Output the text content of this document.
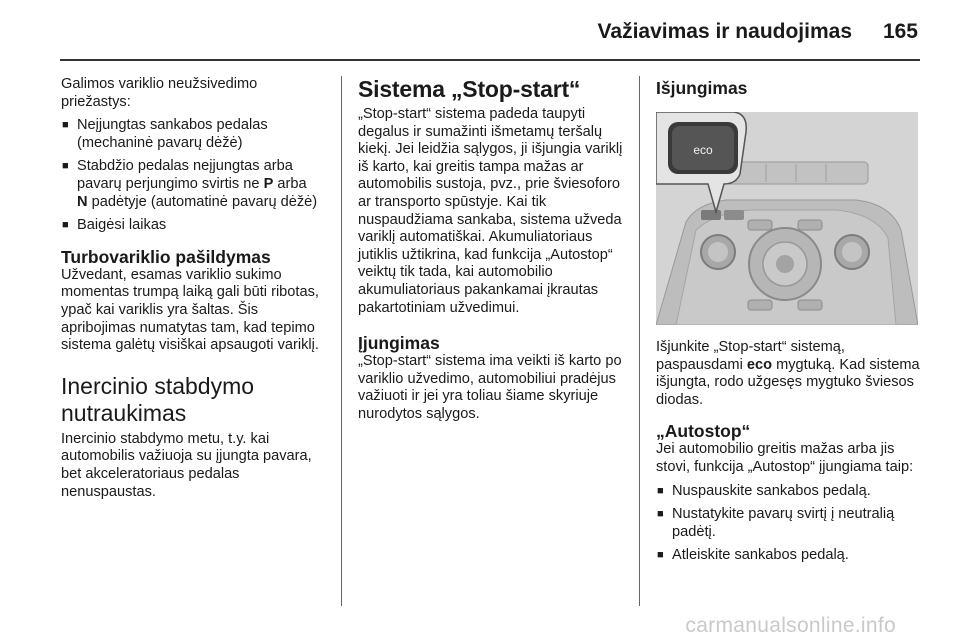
Važiavimas ir naudojimas 165

Galimos variklio neužsivedimo priežastys:

■ Neįjungtas sankabos pedalas (mechaninė pavarų dėžė)
■ Stabdžio pedalas neįjungtas arba pavarų perjungimo svirtis ne P arba
N padėtyje (automatinė pavarų dėžė)
■ Baigėsi laikas
Turbovariklio pašildymas

Užvedant, esamas variklio sukimo momentas trumpą laiką gali būti ribotas, ypač kai variklis yra šaltas. Šis apribojimas numatytas tam, kad tepimo sistema galėtų visiškai apsaugoti variklį.

Inercinio stabdymo nutraukimas

Inercinio stabdymo metu, t.y. kai automobilis važiuoja su įjungta pavara, bet akceleratoriaus pedalas nenuspaustas.

Sistema „Stop-start“

„Stop-start“ sistema padeda taupyti degalus ir sumažinti išmetamų teršalų kiekį. Jei leidžia sąlygos, ji išjungia variklį iš karto, kai greitis tampa mažas ar automobilis sustoja, pvz., prie šviesoforo ar transporto spūstyje. Kai tik nuspaudžiama sankaba, sistema užveda variklį automatiškai. Akumuliatoriaus jutiklis užtikrina, kad funkcija „Autostop“ veiktų tik tada, kai automobilio akumuliatoriaus pakankamai įkrautas pakartotiniam užvedimui.

Įjungimas

„Stop-start“ sistema ima veikti iš karto po variklio užvedimo, automobiliui pradėjus važiuoti ir jei yra toliau šiame skyriuje nurodytos sąlygos.

Išjungimas
eco

Išjunkite „Stop-start“ sistemą, paspausdami eco mygtuką. Kad sistema išjungta, rodo užgesęs mygtuko šviesos diodas.

„Autostop“

Jei automobilio greitis mažas arba jis stovi, funkcija „Autostop“ įjungiama taip:

■ Nuspauskite sankabos pedalą.
■ Nustatykite pavarų svirtį į neutralią padėtį.
■ Atleiskite sankabos pedalą.
carmanualsonline.info
